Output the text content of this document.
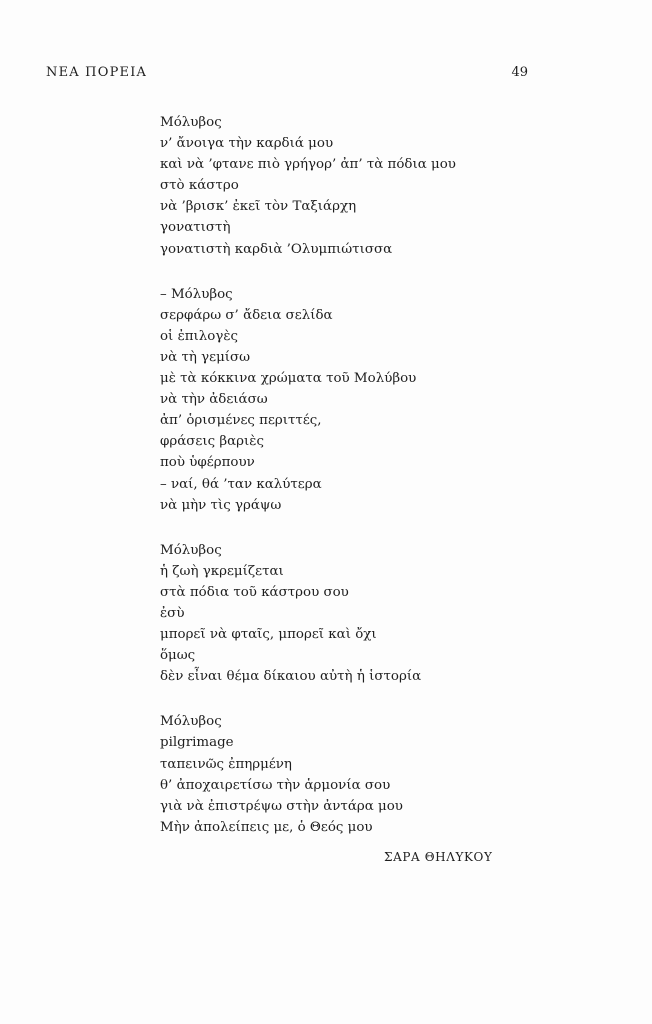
ΝΕΑ ΠΟΡΕΙΑ	49
Μόλυβος
ν’ ἄνοιγα τὴν καρδιά μου
καὶ νὰ ’φτανε πιὸ γρήγορ’ ἀπ’ τὰ πόδια μου
στὸ κάστρο
νὰ ’βρισκ’ ἐκεῖ τὸν Ταξιάρχη
γονατιστὴ
γονατιστὴ καρδιὰ ’Ολυμπιώτισσα
– Μόλυβος
σερφάρω σ’ ἄδεια σελίδα
οἱ ἐπιλογὲς
νὰ τὴ γεμίσω
μὲ τὰ κόκκινα χρώματα τοῦ Μολύβου
νὰ τὴν ἀδειάσω
ἀπ’ ὁρισμένες περιττές,
φράσεις βαριὲς
ποὺ ὑφέρπουν
– ναί, θά ’ταν καλύτερα
νὰ μὴν τὶς γράψω
Μόλυβος
ἡ ζωὴ γκρεμίζεται
στὰ πόδια τοῦ κάστρου σου
ἐσὺ
μπορεῖ νὰ φταῖς, μπορεῖ καὶ ὄχι
ὅμως
δὲν εἶναι θέμα δίκαιου αὐτὴ ἡ ἱστορία
Μόλυβος
pilgrimage
ταπεινῶς ἐπηρμένη
θ’ ἀποχαιρετίσω τὴν ἁρμονία σου
γιὰ νὰ ἐπιστρέψω στὴν ἀντάρα μου
Μὴν ἀπολείπεις με, ὁ Θεός μου
ΣΑΡΑ ΘΗΛΥΚΟΥ
